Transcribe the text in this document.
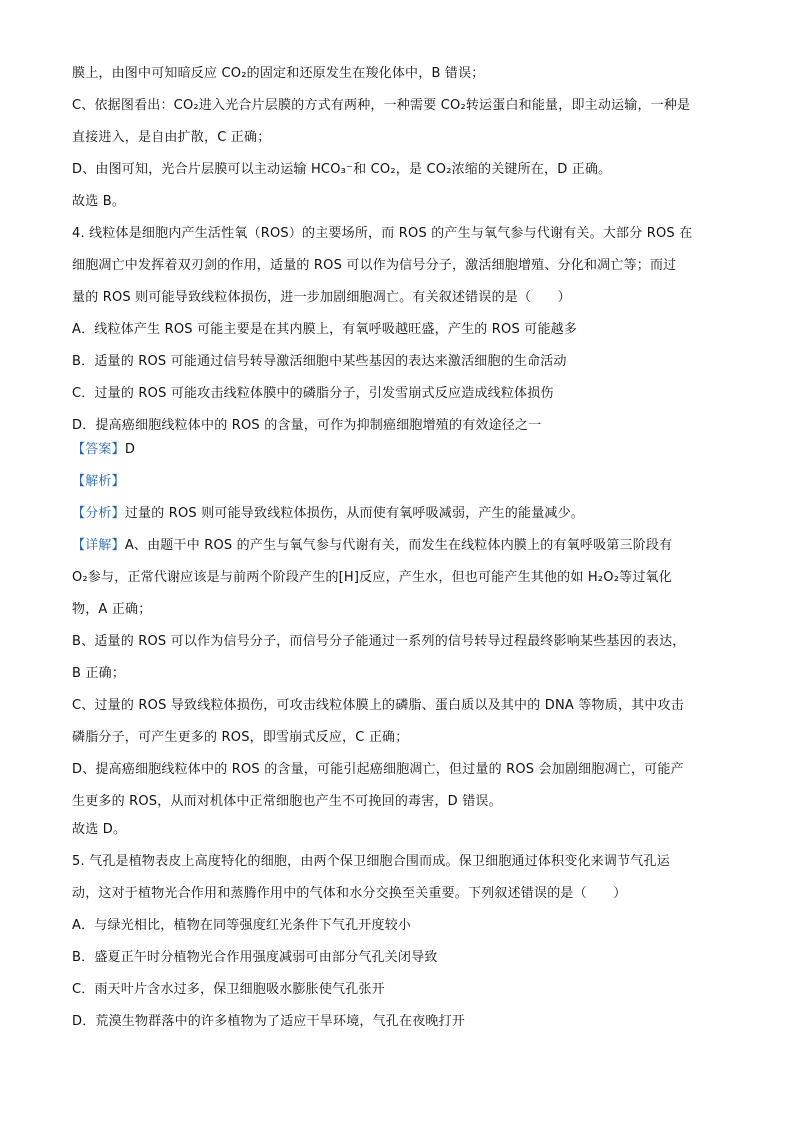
膜上，由图中可知暗反应 CO₂的固定和还原发生在羧化体中，B 错误；
C、依据图看出：CO₂进入光合片层膜的方式有两种，一种需要 CO₂转运蛋白和能量，即主动运输，一种是
直接进入，是自由扩散，C 正确；
D、由图可知，光合片层膜可以主动运输 HCO₃⁻和 CO₂，是 CO₂浓缩的关键所在，D 正确。
故选 B。
4. 线粒体是细胞内产生活性氧（ROS）的主要场所，而 ROS 的产生与氧气参与代谢有关。大部分 ROS 在
细胞凋亡中发挥着双刃剑的作用，适量的 ROS 可以作为信号分子，激活细胞增殖、分化和凋亡等；而过
量的 ROS 则可能导致线粒体损伤，进一步加剧细胞凋亡。有关叙述错误的是（　　）
A．线粒体产生 ROS 可能主要是在其内膜上，有氧呼吸越旺盛，产生的 ROS 可能越多
B．适量的 ROS 可能通过信号转导激活细胞中某些基因的表达来激活细胞的生命活动
C．过量的 ROS 可能攻击线粒体膜中的磷脂分子，引发雪崩式反应造成线粒体损伤
D．提高癌细胞线粒体中的 ROS 的含量，可作为抑制癌细胞增殖的有效途径之一
【答案】D
【解析】
【分析】过量的 ROS 则可能导致线粒体损伤，从而使有氧呼吸减弱，产生的能量减少。
【详解】A、由题干中 ROS 的产生与氧气参与代谢有关，而发生在线粒体内膜上的有氧呼吸第三阶段有
O₂参与，正常代谢应该是与前两个阶段产生的[H]反应，产生水，但也可能产生其他的如 H₂O₂等过氧化
物，A 正确；
B、适量的 ROS 可以作为信号分子，而信号分子能通过一系列的信号转导过程最终影响某些基因的表达，
B 正确；
C、过量的 ROS 导致线粒体损伤，可攻击线粒体膜上的磷脂、蛋白质以及其中的 DNA 等物质，其中攻击
磷脂分子，可产生更多的 ROS，即雪崩式反应，C 正确；
D、提高癌细胞线粒体中的 ROS 的含量，可能引起癌细胞凋亡，但过量的 ROS 会加剧细胞凋亡，可能产
生更多的 ROS，从而对机体中正常细胞也产生不可挽回的毒害，D 错误。
故选 D。
5. 气孔是植物表皮上高度特化的细胞，由两个保卫细胞合围而成。保卫细胞通过体积变化来调节气孔运
动，这对于植物光合作用和蒸腾作用中的气体和水分交换至关重要。下列叙述错误的是（　　）
A．与绿光相比，植物在同等强度红光条件下气孔开度较小
B．盛夏正午时分植物光合作用强度减弱可由部分气孔关闭导致
C．雨天叶片含水过多，保卫细胞吸水膨胀使气孔张开
D．荒漠生物群落中的许多植物为了适应干旱环境，气孔在夜晚打开
